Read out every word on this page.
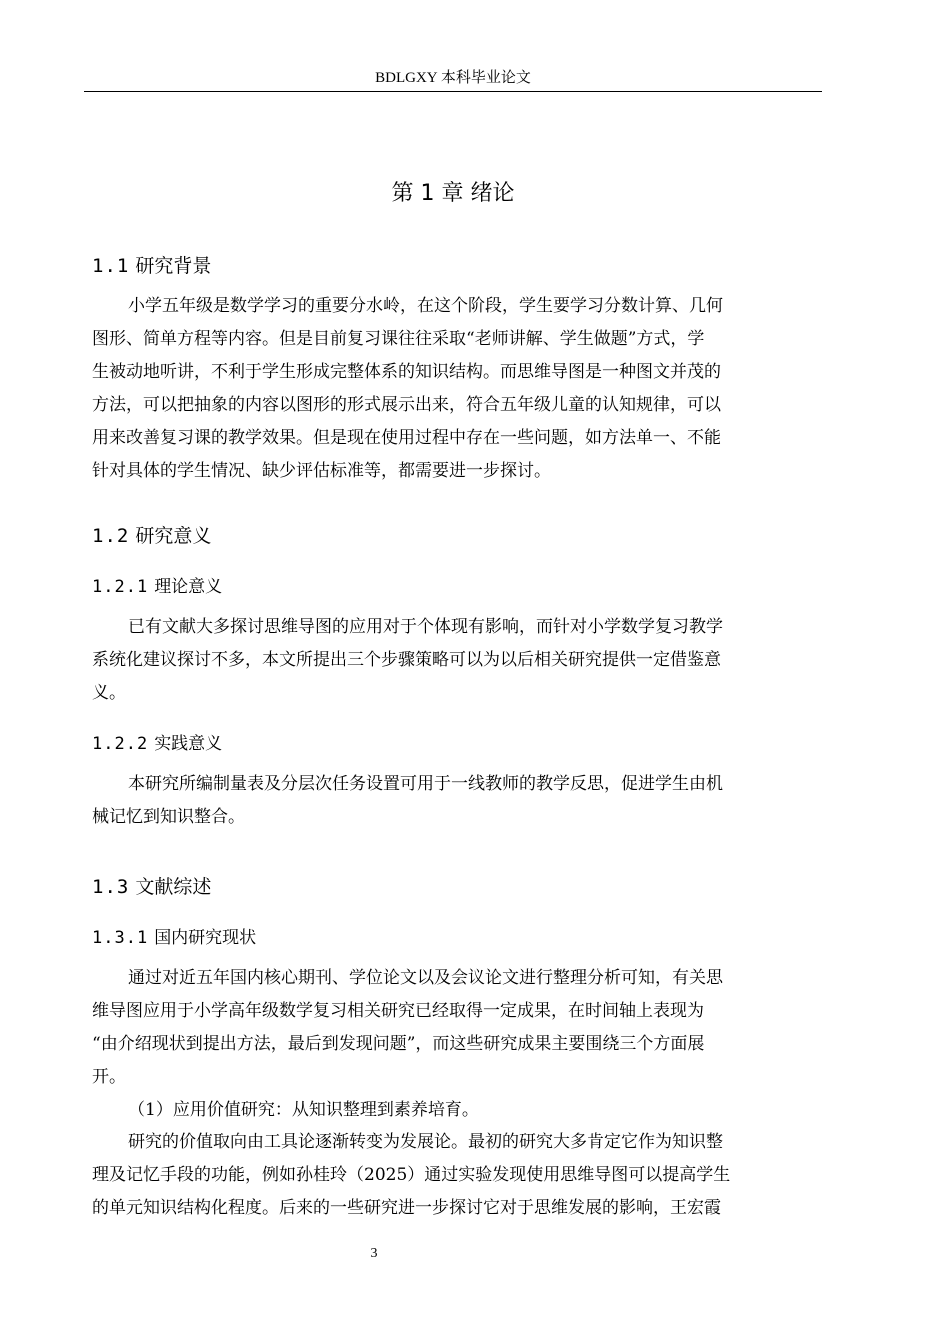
BDLGXY 本科毕业论文
第 1 章 绪论
1.1 研究背景

小学五年级是数学学习的重要分水岭，在这个阶段，学生要学习分数计算、几何
图形、简单方程等内容。但是目前复习课往往采取“老师讲解、学生做题”方式，学
生被动地听讲，不利于学生形成完整体系的知识结构。而思维导图是一种图文并茂的
方法，可以把抽象的内容以图形的形式展示出来，符合五年级儿童的认知规律，可以
用来改善复习课的教学效果。但是现在使用过程中存在一些问题，如方法单一、不能
针对具体的学生情况、缺少评估标准等，都需要进一步探讨。

1.2 研究意义
1.2.1 理论意义

已有文献大多探讨思维导图的应用对于个体现有影响，而针对小学数学复习教学
系统化建议探讨不多，本文所提出三个步骤策略可以为以后相关研究提供一定借鉴意
义。

1.2.2 实践意义

本研究所编制量表及分层次任务设置可用于一线教师的教学反思，促进学生由机
械记忆到知识整合。

1.3 文献综述
1.3.1 国内研究现状

通过对近五年国内核心期刊、学位论文以及会议论文进行整理分析可知，有关思
维导图应用于小学高年级数学复习相关研究已经取得一定成果，在时间轴上表现为
“由介绍现状到提出方法，最后到发现问题”，而这些研究成果主要围绕三个方面展
开。

（1）应用价值研究：从知识整理到素养培育。

研究的价值取向由工具论逐渐转变为发展论。最初的研究大多肯定它作为知识整
理及记忆手段的功能，例如孙桂玲（2025）通过实验发现使用思维导图可以提高学生
的单元知识结构化程度。后来的一些研究进一步探讨它对于思维发展的影响，王宏霞

3
